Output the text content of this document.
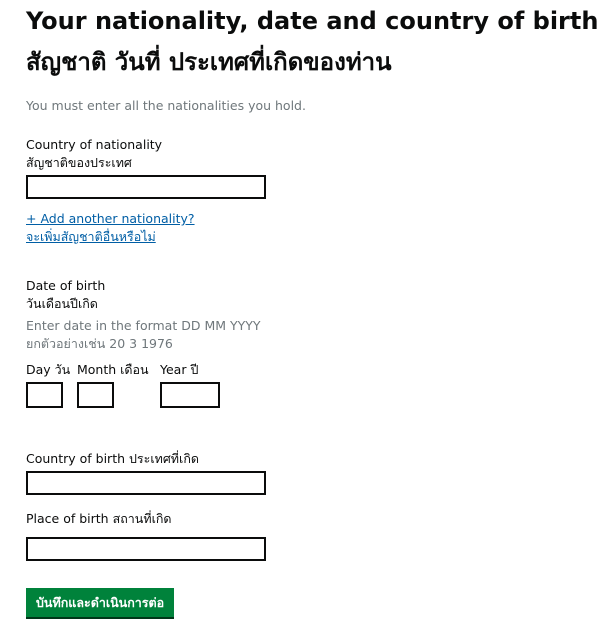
Your nationality, date and country of birth
สัญชาติ วันที่ ประเทศที่เกิดของท่าน
You must enter all the nationalities you hold.
Country of nationality
สัญชาติของประเทศ
+ Add another nationality?
จะเพิ่มสัญชาติอื่นหรือไม่
Date of birth
วันเดือนปีเกิด
Enter date in the format DD MM YYYY
ยกตัวอย่างเช่น 20 3 1976
Day วัน Month เดือน Year ปี
Country of birth ประเทศที่เกิด
Place of birth สถานที่เกิด
บันทึกและดำเนินการต่อ
